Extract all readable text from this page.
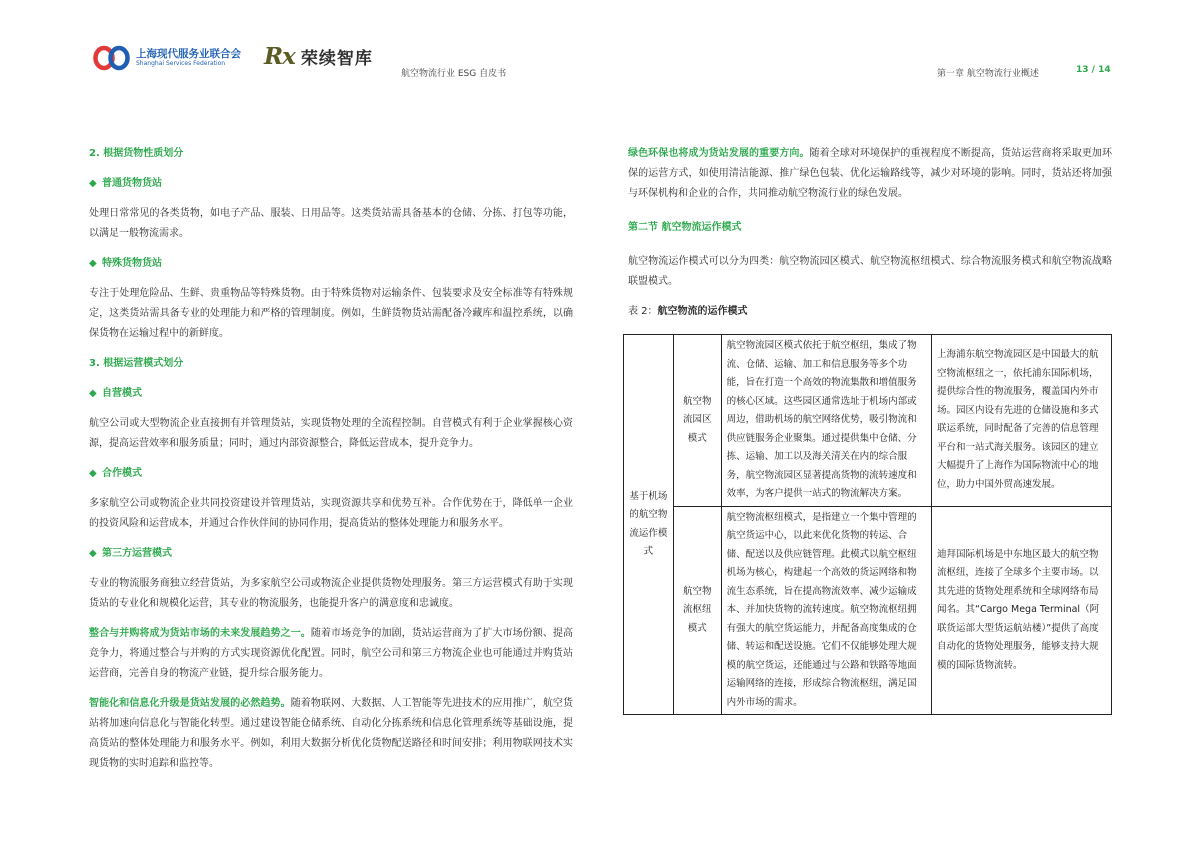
上海现代服务业联合会
Shanghai Services Federation	Rx 荣续智库
航空物流行业 ESG 自皮书	第一章 航空物流行业概述	13 / 14

2. 根据货物性质划分

◆ 普通货物货站

处理日常常见的各类货物，如电子产品、服装、日用品等。这类货站需具备基本的仓储、分拣、打包等功能，以满足一般物流需求。

◆ 特殊货物货站

专注于处理危险品、生鲜、贵重物品等特殊货物。由于特殊货物对运输条件、包装要求及安全标准等有特殊规定，这类货站需具备专业的处理能力和严格的管理制度。例如，生鲜货物货站需配备冷藏库和温控系统，以确保货物在运输过程中的新鲜度。

3. 根据运营模式划分

◆ 自营模式

航空公司或大型物流企业直接拥有并管理货站，实现货物处理的全流程控制。自营模式有利于企业掌握核心资源，提高运营效率和服务质量；同时，通过内部资源整合，降低运营成本，提升竞争力。

◆ 合作模式

多家航空公司或物流企业共同投资建设并管理货站，实现资源共享和优势互补。合作优势在于，降低单一企业的投资风险和运营成本，并通过合作伙伴间的协同作用，提高货站的整体处理能力和服务水平。

◆ 第三方运营模式

专业的物流服务商独立经营货站，为多家航空公司或物流企业提供货物处理服务。第三方运营模式有助于实现货站的专业化和规模化运营，其专业的物流服务，也能提升客户的满意度和忠诚度。

整合与并购将成为货站市场的未来发展趋势之一。随着市场竞争的加剧，货站运营商为了扩大市场份额、提高竞争力，将通过整合与并购的方式实现资源优化配置。同时，航空公司和第三方物流企业也可能通过并购货站运营商，完善自身的物流产业链，提升综合服务能力。

智能化和信息化升级是货站发展的必然趋势。随着物联网、大数据、人工智能等先进技术的应用推广，航空货站将加速向信息化与智能化转型。通过建设智能仓储系统、自动化分拣系统和信息化管理系统等基础设施，提高货站的整体处理能力和服务水平。例如，利用大数据分析优化货物配送路径和时间安排；利用物联网技术实现货物的实时追踪和监控等。

绿色环保也将成为货站发展的重要方向。随着全球对环境保护的重视程度不断提高，货站运营商将采取更加环保的运营方式，如使用清洁能源、推广绿色包装、优化运输路线等，减少对环境的影响。同时，货站还将加强与环保机构和企业的合作，共同推动航空物流行业的绿色发展。

第二节 航空物流运作模式

航空物流运作模式可以分为四类：航空物流园区模式、航空物流枢纽模式、综合物流服务模式和航空物流战略联盟模式。

表 2：航空物流的运作模式

基于机场的航空物流运作模式	航空物流园区模式	航空物流园区模式依托于航空枢纽，集成了物流、仓储、运输、加工和信息服务等多个功能，旨在打造一个高效的物流集散和增值服务的核心区域。这些园区通常选址于机场内部或周边，借助机场的航空网络优势，吸引物流和供应链服务企业聚集。通过提供集中仓储、分拣、运输、加工以及海关清关在内的综合服务，航空物流园区显著提高货物的流转速度和效率，为客户提供一站式的物流解决方案。	上海浦东航空物流园区是中国最大的航空物流枢纽之一，依托浦东国际机场，提供综合性的物流服务，覆盖国内外市场。园区内设有先进的仓储设施和多式联运系统，同时配备了完善的信息管理平台和一站式海关服务。该园区的建立大幅提升了上海作为国际物流中心的地位，助力中国外贸高速发展。
	航空物流枢纽模式	航空物流枢纽模式，是指建立一个集中管理的航空货运中心，以此来优化货物的转运、合储、配送以及供应链管理。此模式以航空枢纽机场为核心，构建起一个高效的货运网络和物流生态系统，旨在提高物流效率、减少运输成本、并加快货物的流转速度。航空物流枢纽拥有强大的航空货运能力，并配备高度集成的仓储、转运和配送设施。它们不仅能够处理大规模的航空货运，还能通过与公路和铁路等地面运输网络的连接，形成综合物流枢纽，满足国内外市场的需求。	迪拜国际机场是中东地区最大的航空物流枢纽，连接了全球多个主要市场。以其先进的货物处理系统和全球网络布局闻名。其“Cargo Mega Terminal（阿联货运部大型货运航站楼）”提供了高度自动化的货物处理服务，能够支持大规模的国际货物流转。
